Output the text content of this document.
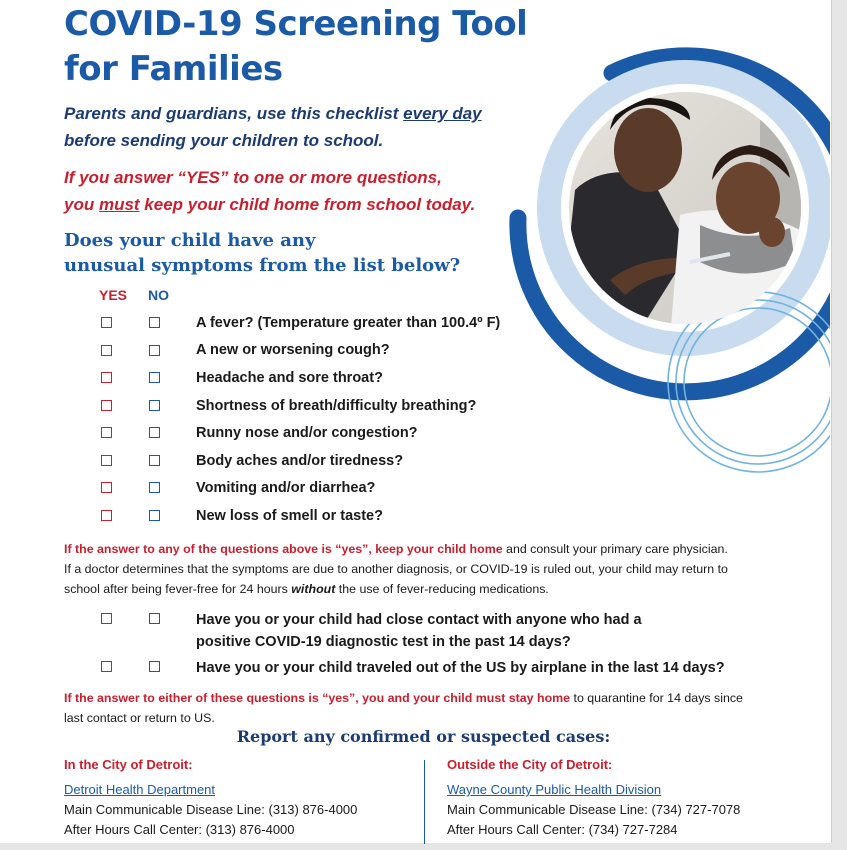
COVID-19 Screening Tool
for Families
Parents and guardians, use this checklist every day
before sending your children to school.
If you answer “YES” to one or more questions,
you must keep your child home from school today.
Does your child have any
unusual symptoms from the list below?
YES NO
A fever? (Temperature greater than 100.4º F)
A new or worsening cough?
Headache and sore throat?
Shortness of breath/difficulty breathing?
Runny nose and/or congestion?
Body aches and/or tiredness?
Vomiting and/or diarrhea?
New loss of smell or taste?
If the answer to any of the questions above is “yes”, keep your child home and consult your primary care physician.
If a doctor determines that the symptoms are due to another diagnosis, or COVID-19 is ruled out, your child may return to
school after being fever-free for 24 hours without the use of fever-reducing medications.
Have you or your child had close contact with anyone who had a
positive COVID-19 diagnostic test in the past 14 days?
Have you or your child traveled out of the US by airplane in the last 14 days?
If the answer to either of these questions is “yes”, you and your child must stay home to quarantine for 14 days since
last contact or return to US.
Report any confirmed or suspected cases:
In the City of Detroit:
Detroit Health Department
Main Communicable Disease Line: (313) 876-4000
After Hours Call Center: (313) 876-4000
Outside the City of Detroit:
Wayne County Public Health Division
Main Communicable Disease Line: (734) 727-7078
After Hours Call Center: (734) 727-7284
